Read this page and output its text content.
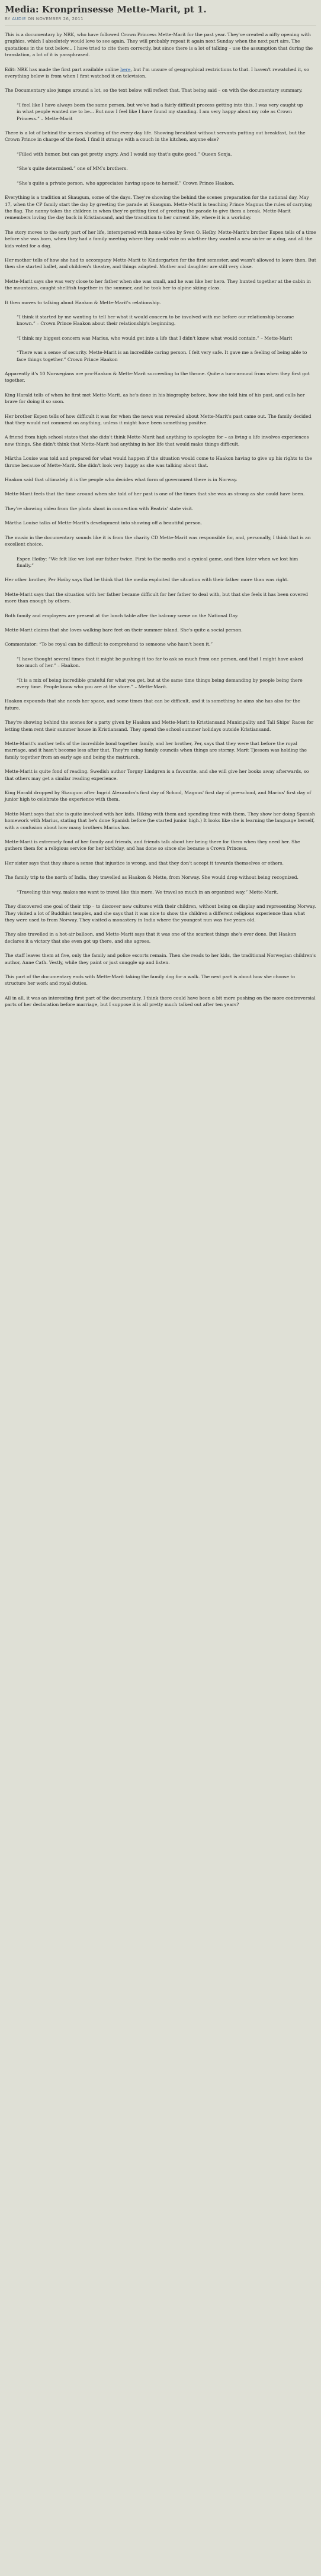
Media: Kronprinsesse Mette-Marit, pt 1.
BY AUDIE ON NOVEMBER 26, 2011

This is a documentary by NRK, who have followed Crown Princess Mette-Marit for the past year. They've created a nifty opening with graphics, which I absolutely would love to see again. They will probably repeat it again next Sunday when the next part airs. The quotations in the text below... I have tried to cite them correctly, but since there is a lot of talking – use the assumption that during the translation, a lot of it is paraphrased.

Edit: NRK has made the first part available online here, but I'm unsure of geographical restrictions to that. I haven't rewatched it, so everything below is from when I first watched it on television.

The Documentary also jumps around a lot, so the text below will reflect that. That being said – on with the documentary summary.

“I feel like I have always been the same person, but we've had a fairly difficult process getting into this. I was very caught up in what people wanted me to be... But now I feel like I have found my standing. I am very happy about my role as Crown Princess.” – Mette-Marit

There is a lot of behind the scenes shooting of the every day life. Showing breakfast without servants putting out breakfast, but the Crown Prince in charge of the food. I find it strange with a couch in the kitchen, anyone else?

“Filled with humor, but can get pretty angry. And I would say that's quite good.” Queen Sonja.

“She's quite determined.” one of MM's brothers.

“She's quite a private person, who appreciates having space to herself.” Crown Prince Haakon.

Everything is a tradition at Skaugum, some of the days. They're showing the behind the scenes preparation for the national day, May 17, when the CP family start the day by greeting the parade at Skaugum. Mette-Marit is teaching Prince Magnus the rules of carrying the flag. The nanny takes the children in when they're getting tired of greeting the parade to give them a break. Mette-Marit remembers loving the day back in Kristiansand, and the transition to her current life, where it is a workday.

The story moves to the early part of her life, interspersed with home-video by Sven O. Høiby. Mette-Marit's brother Espen tells of a time before she was born, when they had a family meeting where they could vote on whether they wanted a new sister or a dog, and all the kids voted for a dog.

Her mother tells of how she had to accompany Mette-Marit to Kindergarten for the first semester, and wasn't allowed to leave then. But then she started ballet, and children's theatre, and things adapted. Mother and daughter are still very close.

Mette-Marit says she was very close to her father when she was small, and he was like her hero. They hunted together at the cabin in the mountains, caught shellfish together in the summer, and he took her to alpine skiing class.

It then moves to talking about Haakon & Mette-Marit's relationship.

“I think it started by me wanting to tell her what it would concern to be involved with me before our relationship became known.” – Crown Prince Haakon about their relationship's beginning.

“I think my biggest concern was Marius, who would get into a life that I didn't know what would contain.” – Mette-Marit

“There was a sense of security. Mette-Marit is an incredible caring person. I felt very safe. It gave me a feeling of being able to face things together.” Crown Prince Haakon

Apparently it's 10 Norwegians are pro-Haakon & Mette-Marit succeeding to the throne. Quite a turn-around from when they first got together.

King Harald tells of when he first met Mette-Marit, as he's done in his biography before, how she told him of his past, and calls her brave for doing it so soon.

Her brother Espen tells of how difficult it was for when the news was revealed about Mette-Marit's past came out. The family decided that they would not comment on anything, unless it might have been something positive.

A friend from high school states that she didn't think Mette-Marit had anything to apologize for – as living a life involves experiences new things. She didn't think that Mette-Marit had anything in her life that would make things difficult.

Märtha Louise was told and prepared for what would happen if the situation would come to Haakon having to give up his rights to the throne because of Mette-Marit. She didn't look very happy as she was talking about that.

Haakon said that ultimately it is the people who decides what form of government there is in Norway.

Mette-Marit feels that the time around when she told of her past is one of the times that she was as strong as she could have been.

They're showing video from the photo shoot in connection with Beatrix' state visit.

Märtha Louise talks of Mette-Marit's development into showing off a beautiful person.

The music in the documentary sounds like it is from the charity CD Mette-Marit was responsible for, and, personally, I think that is an excellent choice.

Espen Høiby: “We felt like we lost our father twice. First to the media and a cynical game, and then later when we lost him finally.”

Her other brother, Per Høiby says that he think that the media exploited the situation with their father more than was right.

Mette-Marit says that the situation with her father became difficult for her father to deal with, but that she feels it has been covered more than enough by others.

Both family and employees are present at the lunch table after the balcony scene on the National Day.

Mette-Marit claims that she loves walking bare feet on their summer island. She's quite a social person.

Commentator: “To be royal can be difficult to comprehend to someone who hasn't been it.”

“I have thought several times that it might be pushing it too far to ask so much from one person, and that I might have asked too much of her.” – Haakon.

“It is a mix of being incredible grateful for what you get, but at the same time things being demanding by people being there every time. People know who you are at the store.” – Mette-Marit.

Haakon expounds that she needs her space, and some times that can be difficult, and it is something he aims she has also for the future.

They're showing behind the scenes for a party given by Haakon and Mette-Marit to Kristiansand Municipality and Tall Ships' Races for letting them rent their summer house in Kristiansand. They spend the school summer holidays outside Kristiansand.

Mette-Marit's mother tells of the incredible bond together family, and her brother, Per, says that they were that before the royal marriage, and it hasn't become less after that. They're using family councils when things are stormy. Marit Tjessem was holding the family together from an early age and being the matriarch.

Mette-Marit is quite fond of reading. Swedish author Torgny Lindgren is a favourite, and she will give her books away afterwards, so that others may get a similar reading experience.

King Harald dropped by Skaugum after Ingrid Alexandra's first day of School, Magnus' first day of pre-school, and Marius' first day of junior high to celebrate the experience with them.

Mette-Marit says that she is quite involved with her kids. Hiking with them and spending time with them. They show her doing Spanish homework with Marius, stating that he's done Spanish before (he started junior high.) It looks like she is learning the language herself, with a confusion about how many brothers Marius has.

Mette-Marit is extremely fond of her family and friends, and friends talk about her being there for them when they need her. She gathers them for a religious service for her birthday, and has done so since she became a Crown Princess.

Her sister says that they share a sense that injustice is wrong, and that they don't accept it towards themselves or others.

The family trip to the north of India, they travelled as Haakon & Mette, from Norway. She would drop without being recognized.

“Traveling this way, makes me want to travel like this more. We travel so much in an organized way.” Mette-Marit.

They discovered one goal of their trip – to discover new cultures with their children, without being on display and representing Norway. They visited a lot of Buddhist temples, and she says that it was nice to show the children a different religious experience than what they were used to from Norway. They visited a monastery in India where the youngest nun was five years old.

They also travelled in a hot-air balloon, and Mette-Marit says that it was one of the scariest things she's ever done. But Haakon declares it a victory that she even got up there, and she agrees.

The staff leaves them at five, only the family and police escorts remain. Then she reads to her kids, the traditional Norwegian children's author, Anne Cath. Vestly, while they paint or just snuggle up and listen.

This part of the documentary ends with Mette-Marit taking the family dog for a walk. The next part is about how she choose to structure her work and royal duties.

All in all, it was an interesting first part of the documentary. I think there could have been a bit more pushing on the more controversial parts of her declaration before marriage, but I suppose it is all pretty much talked out after ten years?
